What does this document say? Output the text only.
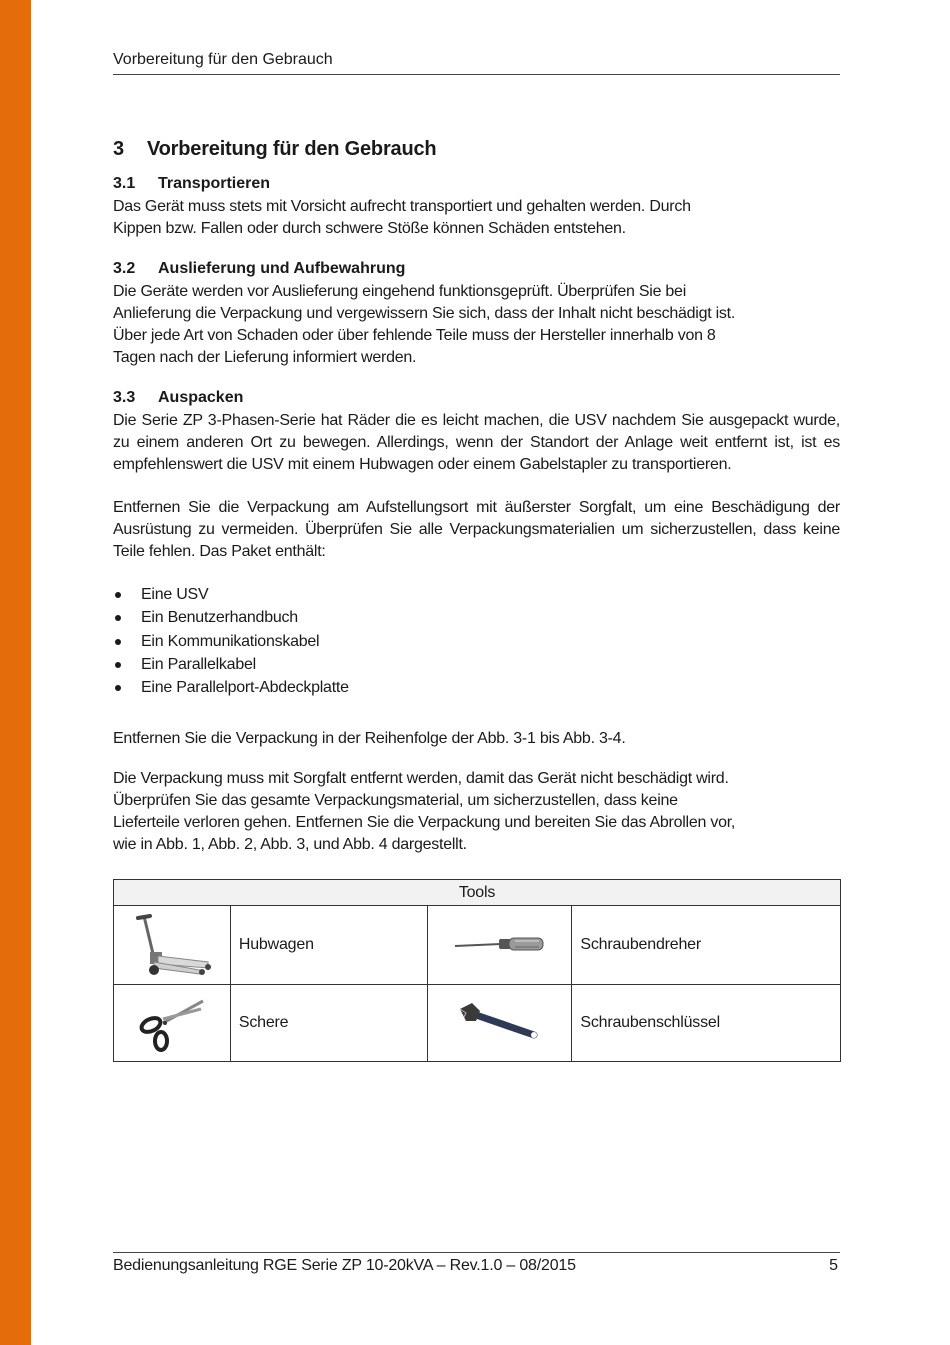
Vorbereitung für den Gebrauch
3 Vorbereitung für den Gebrauch
3.1 Transportieren
Das Gerät muss stets mit Vorsicht aufrecht transportiert und gehalten werden. Durch
Kippen bzw. Fallen oder durch schwere Stöße können Schäden entstehen.
3.2 Auslieferung und Aufbewahrung
Die Geräte werden vor Auslieferung eingehend funktionsgeprüft. Überprüfen Sie bei
Anlieferung die Verpackung und vergewissern Sie sich, dass der Inhalt nicht beschädigt ist.
Über jede Art von Schaden oder über fehlende Teile muss der Hersteller innerhalb von 8
Tagen nach der Lieferung informiert werden.
3.3 Auspacken
Die Serie ZP 3-Phasen-Serie hat Räder die es leicht machen, die USV nachdem Sie ausgepackt wurde, zu einem anderen Ort zu bewegen. Allerdings, wenn der Standort der Anlage weit entfernt ist, ist es empfehlenswert die USV mit einem Hubwagen oder einem Gabelstapler zu transportieren.
Entfernen Sie die Verpackung am Aufstellungsort mit äußerster Sorgfalt, um eine Beschädigung der Ausrüstung zu vermeiden. Überprüfen Sie alle Verpackungsmaterialien um sicherzustellen, dass keine Teile fehlen. Das Paket enthält:
Eine USV
Ein Benutzerhandbuch
Ein Kommunikationskabel
Ein Parallelkabel
Eine Parallelport-Abdeckplatte
Entfernen Sie die Verpackung in der Reihenfolge der Abb. 3-1 bis Abb. 3-4.
Die Verpackung muss mit Sorgfalt entfernt werden, damit das Gerät nicht beschädigt wird.
Überprüfen Sie das gesamte Verpackungsmaterial, um sicherzustellen, dass keine
Lieferteile verloren gehen. Entfernen Sie die Verpackung und bereiten Sie das Abrollen vor,
wie in Abb. 1, Abb. 2, Abb. 3, und Abb. 4 dargestellt.
Tools			

	Hubwagen		Schraubendreher

	Schere		Schraubenschlüssel
Bedienungsanleitung RGE Serie ZP 10-20kVA – Rev.1.0 – 08/2015	5
